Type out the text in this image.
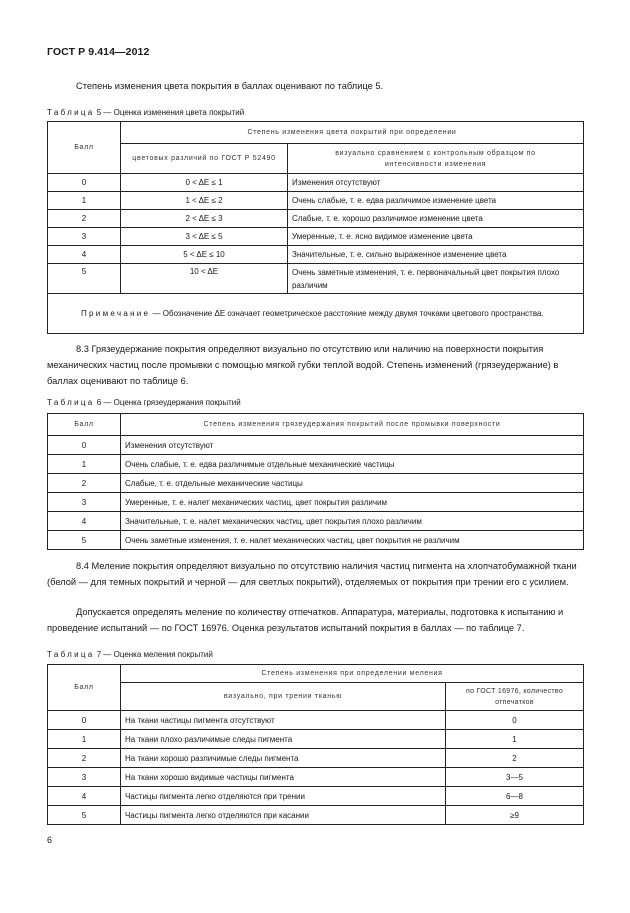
ГОСТ Р 9.414—2012
Степень изменения цвета покрытия в баллах оценивают по таблице 5.
Таблица 5 — Оценка изменения цвета покрытий
Балл	Степень изменения цвета покрытий при определении	
	цветовых различий по ГОСТ Р 52490	визуально сравнением с контрольным образцом по интенсивности изменения
0	0 < ΔE ≤ 1	Изменения отсутствуют
1	1 < ΔE ≤ 2	Очень слабые, т. е. едва различимое изменение цвета
2	2 < ΔE ≤ 3	Слабые, т. е. хорошо различимое изменение цвета
3	3 < ΔE ≤ 5	Умеренные, т. е. ясно видимое изменение цвета
4	5 < ΔE ≤ 10	Значительные, т. е. сильно выраженное изменение цвета
5	10 < ΔE	Очень заметные изменения, т. е. первоначальный цвет покрытия плохо различим
Примечание — Обозначение ΔE означает геометрическое расстояние между двумя точками цветового пространства.		
8.3 Грязеудержание покрытия определяют визуально по отсутствию или наличию на поверхности покрытия механических частиц после промывки с помощью мягкой губки теплой водой. Степень изменений (грязеудержание) в баллах оценивают по таблице 6.
Таблица 6 — Оценка грязеудержания покрытий
Балл	Степень изменения грязеудержания покрытий после промывки поверхности
0	Изменения отсутствуют
1	Очень слабые, т. е. едва различимые отдельные механические частицы
2	Слабые, т. е. отдельные механические частицы
3	Умеренные, т. е. налет механических частиц, цвет покрытия различим
4	Значительные, т. е. налет механических частиц, цвет покрытия плохо различим
5	Очень заметные изменения, т. е. налет механических частиц, цвет покрытия не различим
8.4 Меление покрытия определяют визуально по отсутствию наличия частиц пигмента на хлопчатобумажной ткани (белой — для темных покрытий и черной — для светлых покрытий), отделяемых от покрытия при трении его с усилием.
Допускается определять меление по количеству отпечатков. Аппаратура, материалы, подготовка к испытанию и проведение испытаний — по ГОСТ 16976. Оценка результатов испытаний покрытия в баллах — по таблице 7.
Таблица 7 — Оценка меления покрытий
Балл	Степень изменения при определении меления	
	визуально, при трении тканью	по ГОСТ 16976, количество отпечатков
0	На ткани частицы пигмента отсутствуют	0
1	На ткани плохо различимые следы пигмента	1
2	На ткани хорошо различимые следы пигмента	2
3	На ткани хорошо видимые частицы пигмента	3—5
4	Частицы пигмента легко отделяются при трении	6—8
5	Частицы пигмента легко отделяются при касании	≥9
6
